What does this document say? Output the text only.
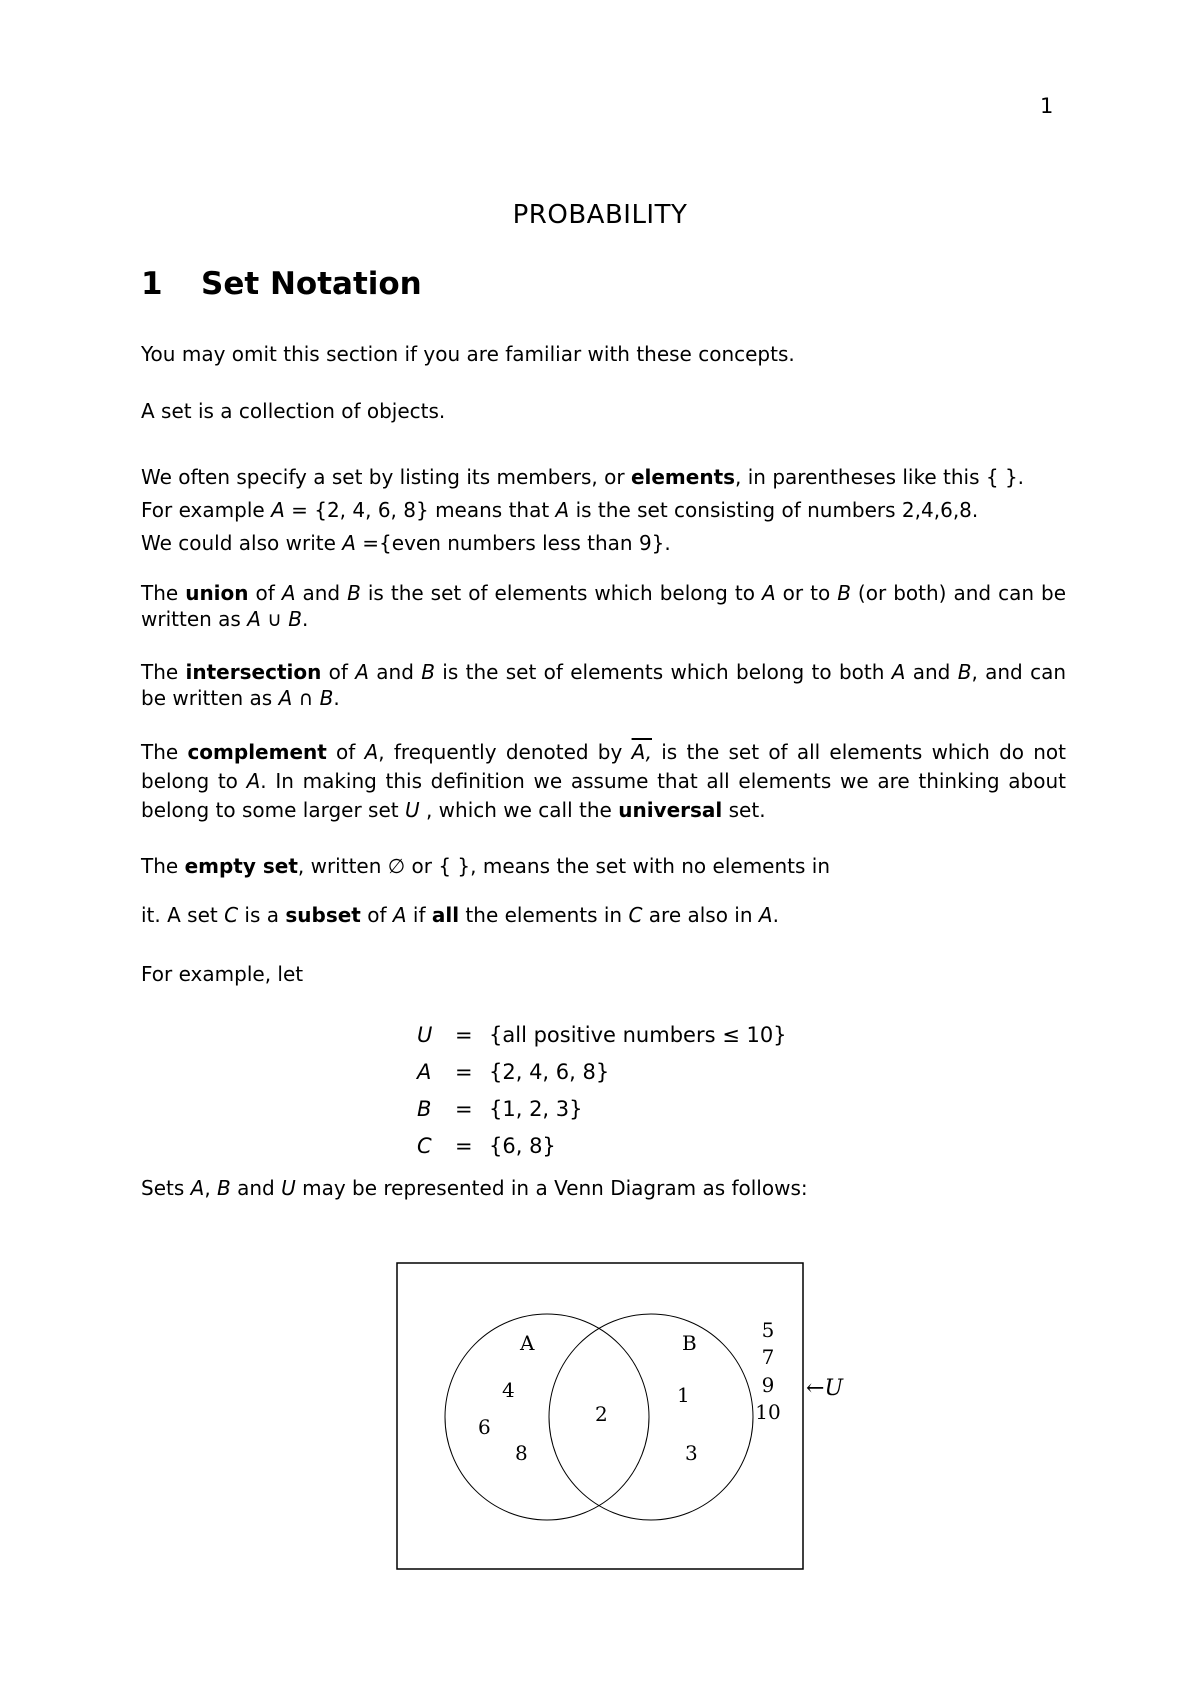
1
PROBABILITY
1 Set Notation

You may omit this section if you are familiar with these concepts.

A set is a collection of objects.

We often specify a set by listing its members, or elements, in parentheses like this { }.
For example A = {2, 4, 6, 8} means that A is the set consisting of numbers 2,4,6,8.
We could also write A ={even numbers less than 9}.

The union of A and B is the set of elements which belong to A or to B (or both) and can be written as A ∪ B.

The intersection of A and B is the set of elements which belong to both A and B, and can be written as A ∩ B.

The complement of A, frequently denoted by A, is the set of all elements which do not belong to A. In making this definition we assume that all elements we are thinking about belong to some larger set U , which we call the universal set.

The empty set, written ∅ or { }, means the set with no elements in

it. A set C is a subset of A if all the elements in C are also in A.

For example, let

U	= {all positive numbers ≤ 10}
A	= {2, 4, 6, 8}
B	= {1, 2, 3}
C	= {6, 8}

Sets A, B and U may be represented in a Venn Diagram as follows:

A	B
4
6
8
2
1
3
5
7
9
10
←U
